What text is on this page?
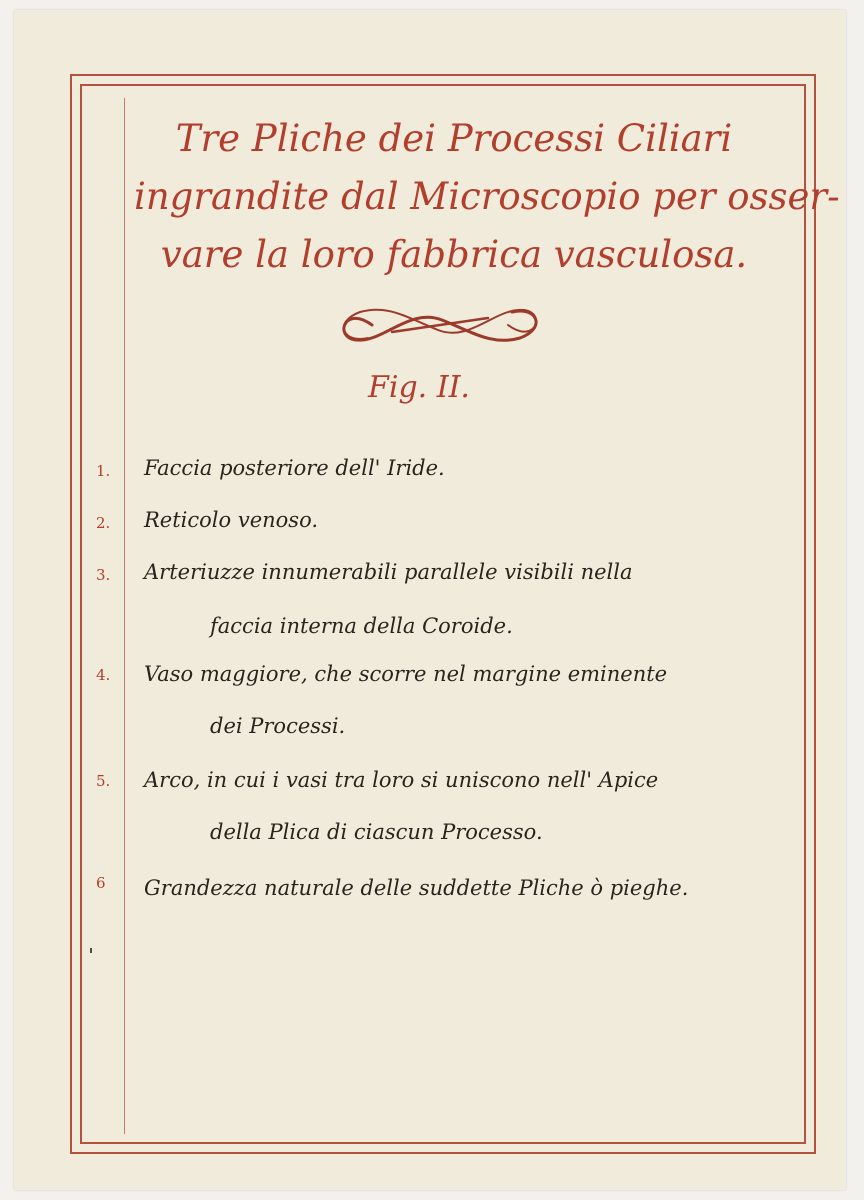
Tre Pliche dei Processi Ciliari
ingrandite dal Microscopio per osser-
vare la loro fabbrica vasculosa.
Fig. II.
1.	Faccia posteriore dell' Iride.
2.	Reticolo venoso.
3.	Arteriuzze innumerabili parallele visibili nella
faccia interna della Coroide.
4.	Vaso maggiore, che scorre nel margine eminente
dei Processi.
5.	Arco, in cui i vasi tra loro si uniscono nell' Apice
della Plica di ciascun Processo.
6	Grandezza naturale delle suddette Pliche ò pieghe.
